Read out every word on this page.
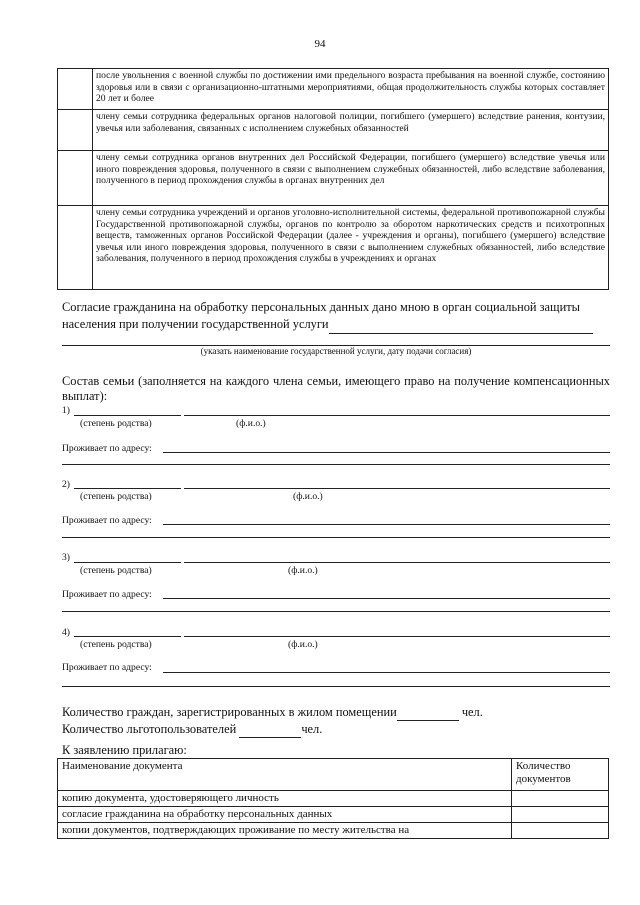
94
	после увольнения с военной службы по достижении ими предельного возраста пребывания на военной службе, состоянию здоровья или в связи с организационно-штатными мероприятиями, общая продолжительность службы которых составляет 20 лет и более
	члену семьи сотрудника федеральных органов налоговой полиции, погибшего (умершего) вследствие ранения, контузии, увечья или заболевания, связанных с исполнением служебных обязанностей
	члену семьи сотрудника органов внутренних дел Российской Федерации, погибшего (умершего) вследствие увечья или иного повреждения здоровья, полученного в связи с выполнением служебных обязанностей, либо вследствие заболевания, полученного в период прохождения службы в органах внутренних дел
	члену семьи сотрудника учреждений и органов уголовно-исполнительной системы, федеральной противопожарной службы Государственной противопожарной службы, органов по контролю за оборотом наркотических средств и психотропных веществ, таможенных органов Российской Федерации (далее - учреждения и органы), погибшего (умершего) вследствие увечья или иного повреждения здоровья, полученного в связи с выполнением служебных обязанностей, либо вследствие заболевания, полученного в период прохождения службы в учреждениях и органах
Согласие гражданина на обработку персональных данных дано мною в орган социальной защиты
населения при получении государственной услуги
(указать наименование государственной услуги, дату подачи согласия)
Состав семьи (заполняется на каждого члена семьи, имеющего право на получение компенсационных выплат):
1)
(степень родства)	(ф.и.о.)
Проживает по адресу:
2)
(степень родства)	(ф.и.о.)
Проживает по адресу:
3)
(степень родства)	(ф.и.о.)
Проживает по адресу:
4)
(степень родства)	(ф.и.о.)
Проживает по адресу:
Количество граждан, зарегистрированных в жилом помещении	чел.
Количество льготопользователей	чел.
К заявлению прилагаю:
Наименование документа	Количество документов
копию документа, удостоверяющего личность	
согласие гражданина на обработку персональных данных	
копии документов, подтверждающих проживание по месту жительства на	
